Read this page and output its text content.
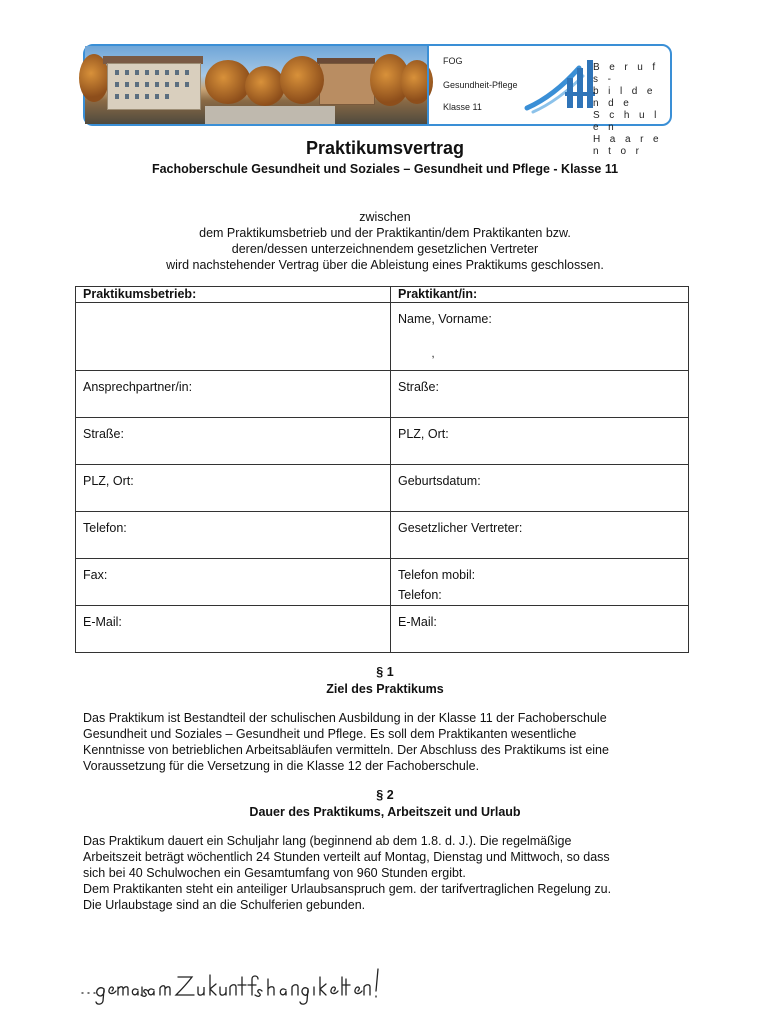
FOG
Gesundheit-Pflege
Klasse 11
B e r u f s -
b i l d e n d e
S c h u l e n
H a a r e n t o r
Praktikumsvertrag
Fachoberschule Gesundheit und Soziales – Gesundheit und Pflege - Klasse 11
zwischen
dem Praktikumsbetrieb und der Praktikantin/dem Praktikanten bzw.
deren/dessen unterzeichnendem gesetzlichen Vertreter
wird nachstehender Vertrag über die Ableistung eines Praktikums geschlossen.
Praktikumsbetrieb:	Praktikant/in:
	Name, Vorname:
,

Ansprechpartner/in:	Straße:
Straße:	PLZ, Ort:
PLZ, Ort:	Geburtsdatum:
Telefon:	Gesetzlicher Vertreter:
Fax:	Telefon mobil:
Telefon:

E-Mail:	E-Mail:
§ 1
Ziel des Praktikums
Das Praktikum ist Bestandteil der schulischen Ausbildung in der Klasse 11 der Fachoberschule
Gesundheit und Soziales – Gesundheit und Pflege. Es soll dem Praktikanten wesentliche
Kenntnisse von betrieblichen Arbeitsabläufen vermitteln. Der Abschluss des Praktikums ist eine
Voraussetzung für die Versetzung in die Klasse 12 der Fachoberschule.
§ 2
Dauer des Praktikums, Arbeitszeit und Urlaub
Das Praktikum dauert ein Schuljahr lang (beginnend ab dem 1.8. d. J.). Die regelmäßige
Arbeitszeit beträgt wöchentlich 24 Stunden verteilt auf Montag, Dienstag und Mittwoch, so dass
sich bei 40 Schulwochen ein Gesamtumfang von 960 Stunden ergibt.
Dem Praktikanten steht ein anteiliger Urlaubsanspruch gem. der tarifvertraglichen Regelung zu.
Die Urlaubstage sind an die Schulferien gebunden.
